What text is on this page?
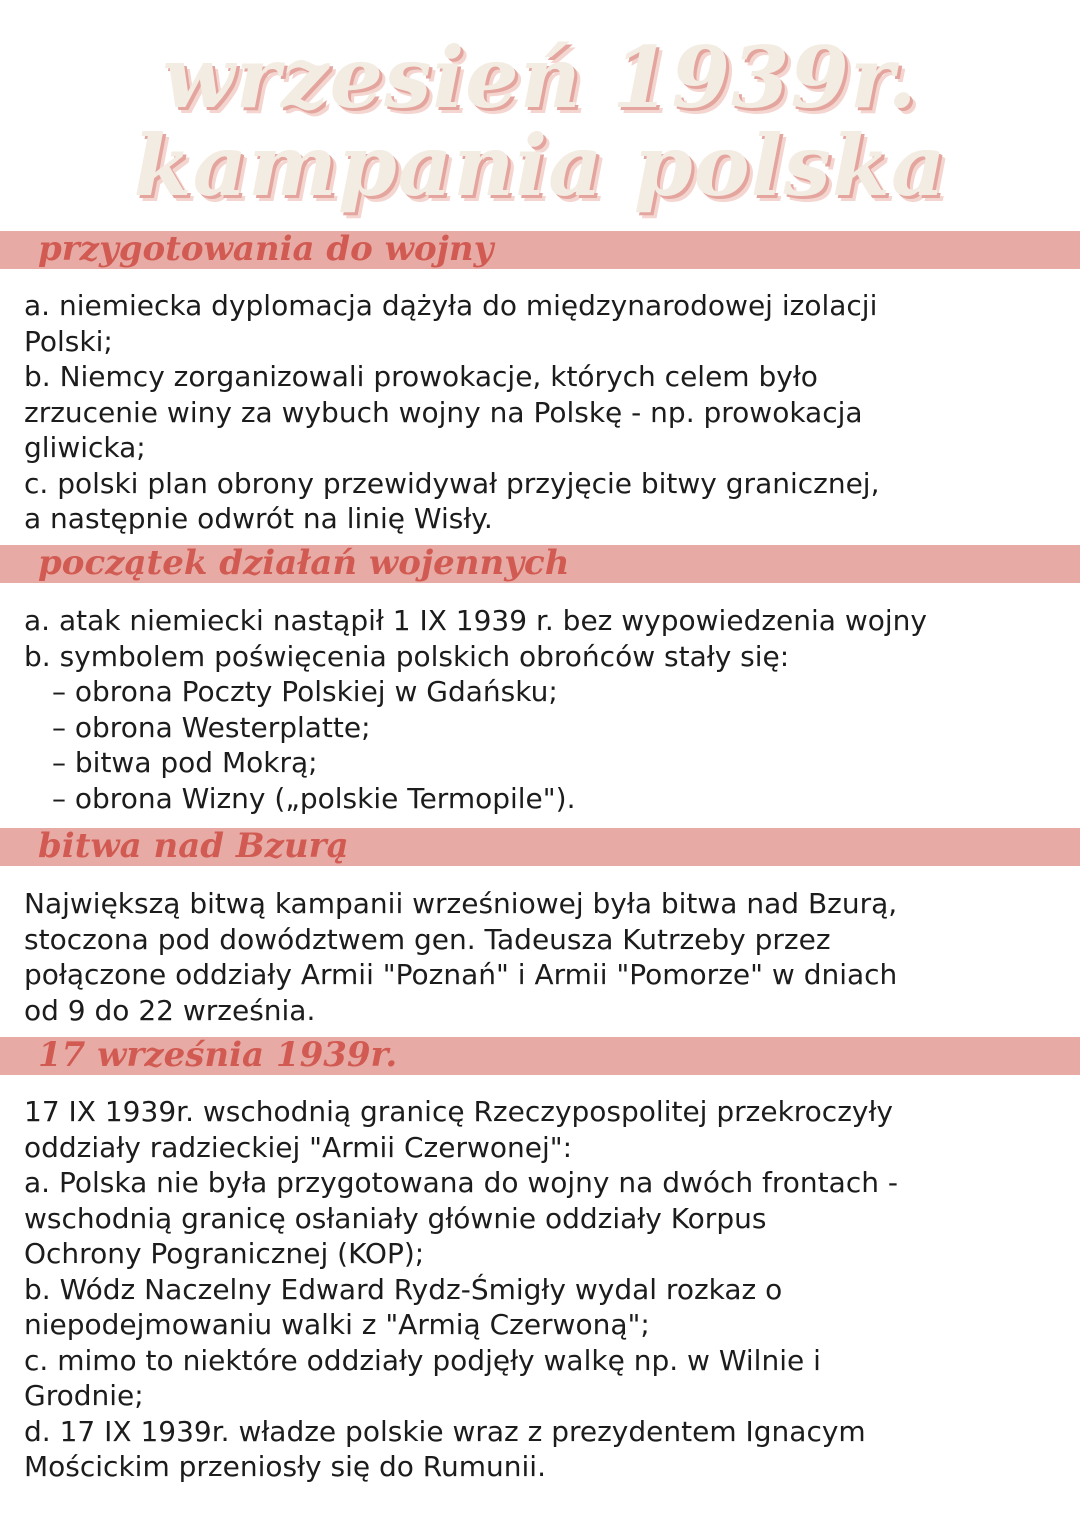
wrzesień 1939r.
kampania polska
przygotowania do wojny
a. niemiecka dyplomacja dążyła do międzynarodowej izolacji
Polski;
b. Niemcy zorganizowali prowokacje, których celem było
zrzucenie winy za wybuch wojny na Polskę - np. prowokacja
gliwicka;
c. polski plan obrony przewidywał przyjęcie bitwy granicznej,
a następnie odwrót na linię Wisły.
początek działań wojennych
a. atak niemiecki nastąpił 1 IX 1939 r. bez wypowiedzenia wojny
b. symbolem poświęcenia polskich obrońców stały się:
– obrona Poczty Polskiej w Gdańsku;
– obrona Westerplatte;
– bitwa pod Mokrą;
– obrona Wizny („polskie Termopile").
bitwa nad Bzurą
Największą bitwą kampanii wrześniowej była bitwa nad Bzurą,
stoczona pod dowództwem gen. Tadeusza Kutrzeby przez
połączone oddziały Armii "Poznań" i Armii "Pomorze" w dniach
od 9 do 22 września.
17 września 1939r.
17 IX 1939r. wschodnią granicę Rzeczypospolitej przekroczyły
oddziały radzieckiej "Armii Czerwonej":
a. Polska nie była przygotowana do wojny na dwóch frontach -
wschodnią granicę osłaniały głównie oddziały Korpus
Ochrony Pogranicznej (KOP);
b. Wódz Naczelny Edward Rydz-Śmigły wydal rozkaz o
niepodejmowaniu walki z "Armią Czerwoną";
c. mimo to niektóre oddziały podjęły walkę np. w Wilnie i
Grodnie;
d. 17 IX 1939r. władze polskie wraz z prezydentem Ignacym
Mościckim przeniosły się do Rumunii.
